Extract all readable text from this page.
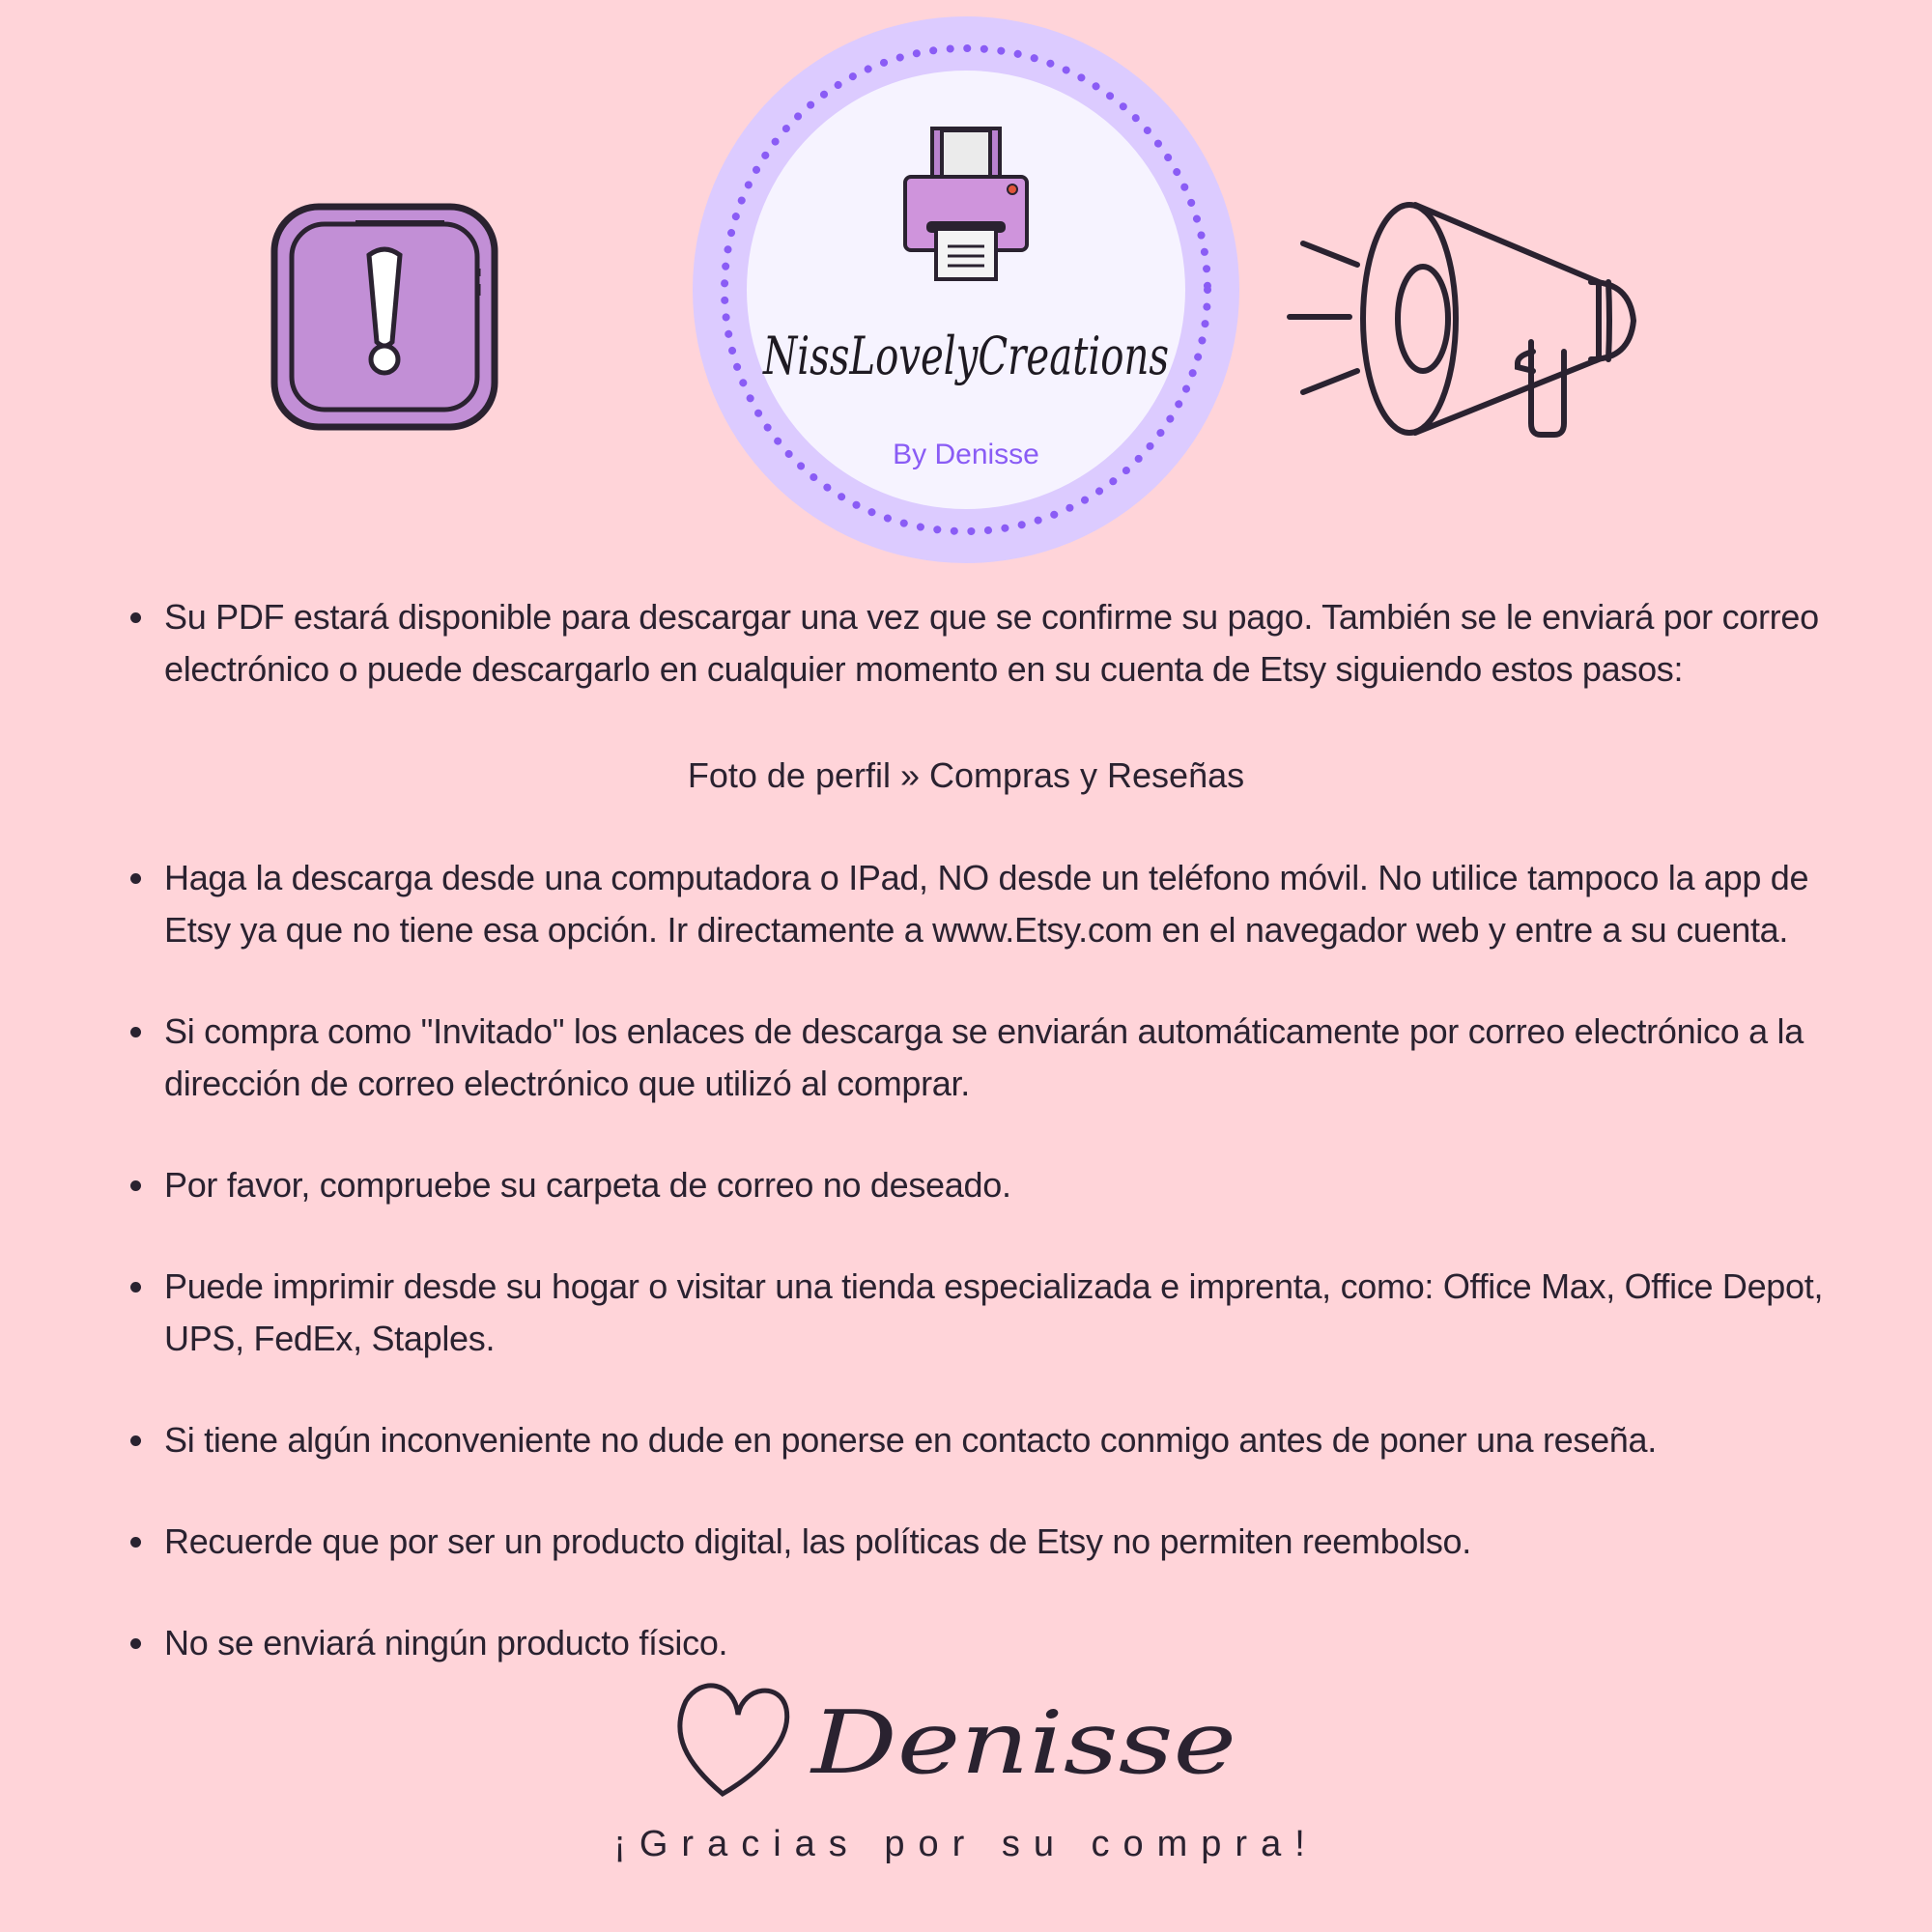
NissLovelyCreations
By Denisse
Su PDF estará disponible para descargar una vez que se confirme su pago. También se le enviará por correo electrónico o puede descargarlo en cualquier momento en su cuenta de Etsy siguiendo estos pasos:
Foto de perfil » Compras y Reseñas
Haga la descarga desde una computadora o IPad, NO desde un teléfono móvil. No utilice tampoco la app de Etsy ya que no tiene esa opción. Ir directamente a www.Etsy.com en el navegador web y entre a su cuenta.
Si compra como "Invitado" los enlaces de descarga se enviarán automáticamente por correo electrónico a la dirección de correo electrónico que utilizó al comprar.
Por favor, compruebe su carpeta de correo no deseado.
Puede imprimir desde su hogar o visitar una tienda especializada e imprenta, como: Office Max, Office Depot, UPS, FedEx, Staples.
Si tiene algún inconveniente no dude en ponerse en contacto conmigo antes de poner una reseña.
Recuerde que por ser un producto digital, las políticas de Etsy no permiten reembolso.
No se enviará ningún producto físico.
Denisse
¡Gracias por su compra!
